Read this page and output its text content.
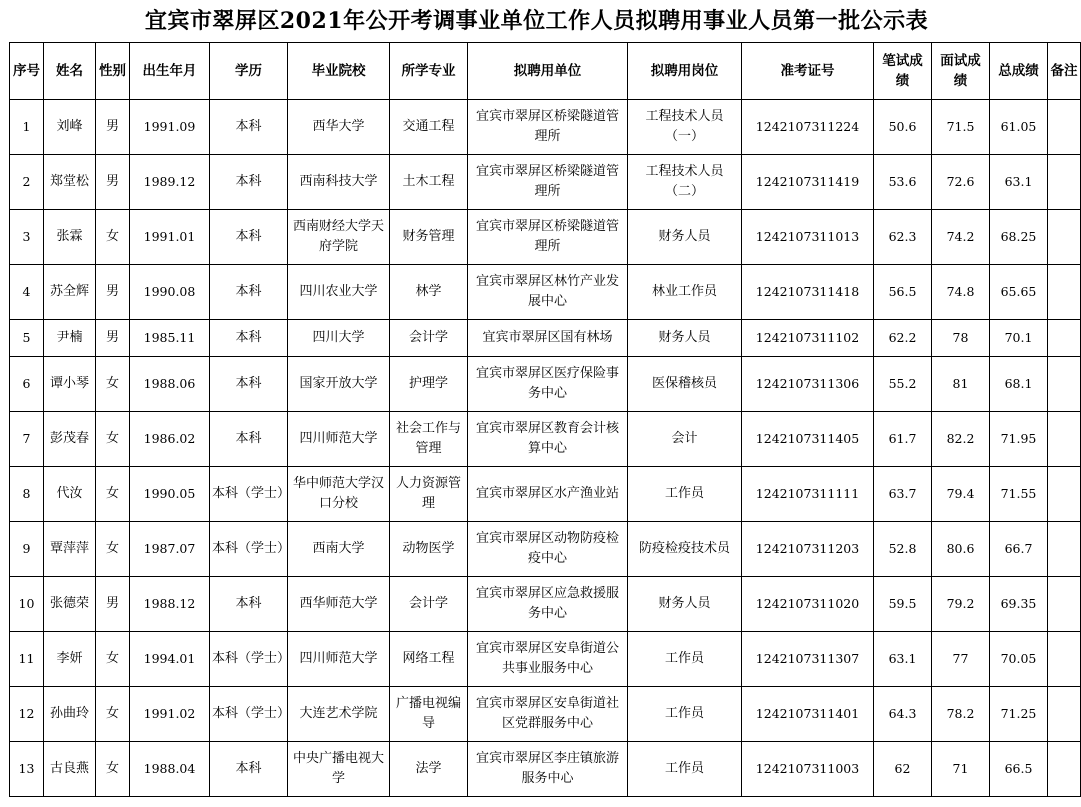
宜宾市翠屏区2021年公开考调事业单位工作人员拟聘用事业人员第一批公示表
序号	姓名	性别	出生年月	学历	毕业院校	所学专业	拟聘用单位	拟聘用岗位	准考证号	笔试成绩	面试成绩	总成绩	备注
1	刘峰	男	1991.09	本科	西华大学	交通工程	宜宾市翠屏区桥梁隧道管理所	工程技术人员（一）	1242107311224	50.6	71.5	61.05	
2	郑堂松	男	1989.12	本科	西南科技大学	土木工程	宜宾市翠屏区桥梁隧道管理所	工程技术人员（二）	1242107311419	53.6	72.6	63.1	
3	张霖	女	1991.01	本科	西南财经大学天府学院	财务管理	宜宾市翠屏区桥梁隧道管理所	财务人员	1242107311013	62.3	74.2	68.25	
4	苏全辉	男	1990.08	本科	四川农业大学	林学	宜宾市翠屏区林竹产业发展中心	林业工作员	1242107311418	56.5	74.8	65.65	
5	尹楠	男	1985.11	本科	四川大学	会计学	宜宾市翠屏区国有林场	财务人员	1242107311102	62.2	78	70.1	
6	谭小琴	女	1988.06	本科	国家开放大学	护理学	宜宾市翠屏区医疗保险事务中心	医保稽核员	1242107311306	55.2	81	68.1	
7	彭茂春	女	1986.02	本科	四川师范大学	社会工作与管理	宜宾市翠屏区教育会计核算中心	会计	1242107311405	61.7	82.2	71.95	
8	代汝	女	1990.05	本科（学士）	华中师范大学汉口分校	人力资源管理	宜宾市翠屏区水产渔业站	工作员	1242107311111	63.7	79.4	71.55	
9	覃萍萍	女	1987.07	本科（学士）	西南大学	动物医学	宜宾市翠屏区动物防疫检疫中心	防疫检疫技术员	1242107311203	52.8	80.6	66.7	
10	张德荣	男	1988.12	本科	西华师范大学	会计学	宜宾市翠屏区应急救援服务中心	财务人员	1242107311020	59.5	79.2	69.35	
11	李妍	女	1994.01	本科（学士）	四川师范大学	网络工程	宜宾市翠屏区安阜街道公共事业服务中心	工作员	1242107311307	63.1	77	70.05	
12	孙曲玲	女	1991.02	本科（学士）	大连艺术学院	广播电视编导	宜宾市翠屏区安阜街道社区党群服务中心	工作员	1242107311401	64.3	78.2	71.25	
13	古良燕	女	1988.04	本科	中央广播电视大学	法学	宜宾市翠屏区李庄镇旅游服务中心	工作员	1242107311003	62	71	66.5	
